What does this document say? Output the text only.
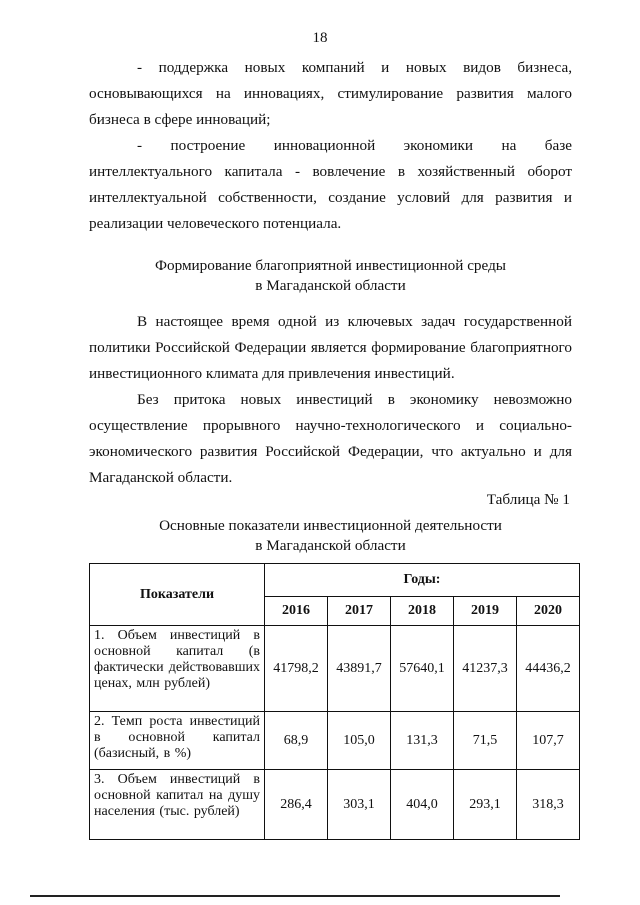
18

- поддержка новых компаний и новых видов бизнеса, основывающихся на инновациях, стимулирование развития малого бизнеса в сфере инноваций;

- построение инновационной экономики на базе интеллектуального капитала - вовлечение в хозяйственный оборот интеллектуальной собственности, создание условий для развития и реализации человеческого потенциала.

Формирование благоприятной инвестиционной среды
в Магаданской области

В настоящее время одной из ключевых задач государственной политики Российской Федерации является формирование благоприятного инвестиционного климата для привлечения инвестиций.

Без притока новых инвестиций в экономику невозможно осуществление прорывного научно-технологического и социально-экономического развития Российской Федерации, что актуально и для Магаданской области.

Таблица № 1

Основные показатели инвестиционной деятельности
в Магаданской области
Показатели	Годы:				
	2016	2017	2018	2019	2020
1. Объем инвестиций в основной капитал (в фактически действовавших ценах, млн рублей)	41798,2	43891,7	57640,1	41237,3	44436,2
2. Темп роста инвестиций в основной капитал (базисный, в %)	68,9	105,0	131,3	71,5	107,7
3. Объем инвестиций в основной капитал на душу населения (тыс. рублей)	286,4	303,1	404,0	293,1	318,3
